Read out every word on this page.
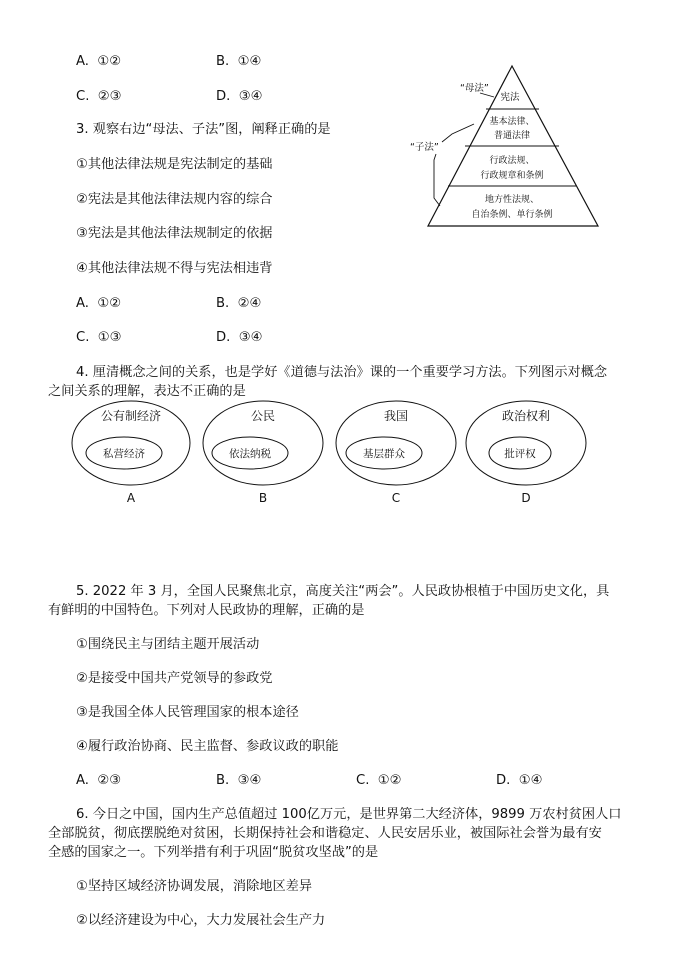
A. ①②	B. ①④
C. ②③	D. ③④
3. 观察右边“母法、子法”图，阐释正确的是
①其他法律法规是宪法制定的基础
②宪法是其他法律法规内容的综合
③宪法是其他法律法规制定的依据
④其他法律法规不得与宪法相违背
A. ①②	B. ②④
C. ①③	D. ③④
“母法”
“子法”
宪法
基本法律、
普通法律
行政法规、
行政规章和条例
地方性法规、
自治条例、单行条例
4. 厘清概念之间的关系，也是学好《道德与法治》课的一个重要学习方法。下列图示对概念
之间关系的理解，表达不正确的是
公有制经济
私营经济
A
公民
依法纳税
B
我国
基层群众
C
政治权利
批评权
D
5. 2022 年 3 月，全国人民聚焦北京，高度关注“两会”。人民政协根植于中国历史文化，具
有鲜明的中国特色。下列对人民政协的理解，正确的是
①围绕民主与团结主题开展活动
②是接受中国共产党领导的参政党
③是我国全体人民管理国家的根本途径
④履行政治协商、民主监督、参政议政的职能
A. ②③	B. ③④	C. ①②	D. ①④
6. 今日之中国，国内生产总值超过 100亿万元，是世界第二大经济体，9899 万农村贫困人口
全部脱贫，彻底摆脱绝对贫困，长期保持社会和谐稳定、人民安居乐业，被国际社会誉为最有安
全感的国家之一。下列举措有利于巩固“脱贫攻坚战”的是
①坚持区域经济协调发展，消除地区差异
②以经济建设为中心，大力发展社会生产力
